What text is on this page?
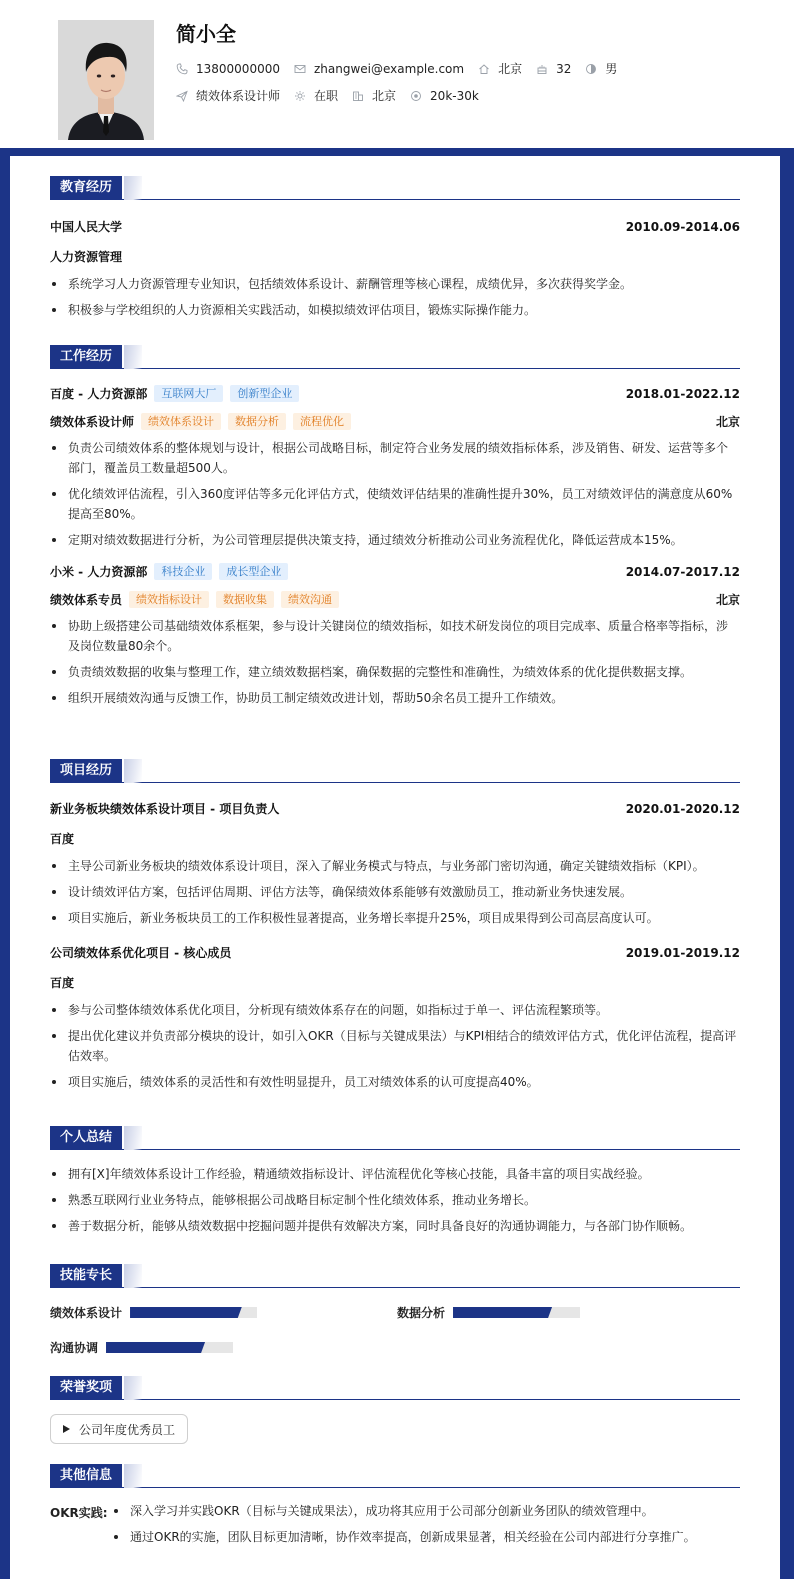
简小全
13800000000	zhangwei@example.com	北京	32	男
绩效体系设计师	在职	北京	20k-30k
教育经历
中国人民大学	2010.09-2014.06
人力资源管理
系统学习人力资源管理专业知识，包括绩效体系设计、薪酬管理等核心课程，成绩优异，多次获得奖学金。
积极参与学校组织的人力资源相关实践活动，如模拟绩效评估项目，锻炼实际操作能力。
工作经历
百度 - 人力资源部	互联网大厂	创新型企业	2018.01-2022.12
绩效体系设计师	绩效体系设计	数据分析	流程优化	北京
负责公司绩效体系的整体规划与设计，根据公司战略目标，制定符合业务发展的绩效指标体系，涉及销售、研发、运营等多个
部门，覆盖员工数量超500人。
优化绩效评估流程，引入360度评估等多元化评估方式，使绩效评估结果的准确性提升30%，员工对绩效评估的满意度从60%
提高至80%。
定期对绩效数据进行分析，为公司管理层提供决策支持，通过绩效分析推动公司业务流程优化，降低运营成本15%。
小米 - 人力资源部	科技企业	成长型企业	2014.07-2017.12
绩效体系专员	绩效指标设计	数据收集	绩效沟通	北京
协助上级搭建公司基础绩效体系框架，参与设计关键岗位的绩效指标，如技术研发岗位的项目完成率、质量合格率等指标，涉
及岗位数量80余个。
负责绩效数据的收集与整理工作，建立绩效数据档案，确保数据的完整性和准确性，为绩效体系的优化提供数据支撑。
组织开展绩效沟通与反馈工作，协助员工制定绩效改进计划，帮助50余名员工提升工作绩效。
项目经历
新业务板块绩效体系设计项目 - 项目负责人	2020.01-2020.12
百度
主导公司新业务板块的绩效体系设计项目，深入了解业务模式与特点，与业务部门密切沟通，确定关键绩效指标（KPI）。
设计绩效评估方案，包括评估周期、评估方法等，确保绩效体系能够有效激励员工，推动新业务快速发展。
项目实施后，新业务板块员工的工作积极性显著提高，业务增长率提升25%，项目成果得到公司高层高度认可。
公司绩效体系优化项目 - 核心成员	2019.01-2019.12
百度
参与公司整体绩效体系优化项目，分析现有绩效体系存在的问题，如指标过于单一、评估流程繁琐等。
提出优化建议并负责部分模块的设计，如引入OKR（目标与关键成果法）与KPI相结合的绩效评估方式，优化评估流程，提高评
估效率。
项目实施后，绩效体系的灵活性和有效性明显提升，员工对绩效体系的认可度提高40%。
个人总结
拥有[X]年绩效体系设计工作经验，精通绩效指标设计、评估流程优化等核心技能，具备丰富的项目实战经验。
熟悉互联网行业业务特点，能够根据公司战略目标定制个性化绩效体系，推动业务增长。
善于数据分析，能够从绩效数据中挖掘问题并提供有效解决方案，同时具备良好的沟通协调能力，与各部门协作顺畅。
技能专长
绩效体系设计	数据分析
沟通协调
荣誉奖项
公司年度优秀员工
其他信息
OKR实践:	深入学习并实践OKR（目标与关键成果法），成功将其应用于公司部分创新业务团队的绩效管理中。
通过OKR的实施，团队目标更加清晰，协作效率提高，创新成果显著，相关经验在公司内部进行分享推广。
